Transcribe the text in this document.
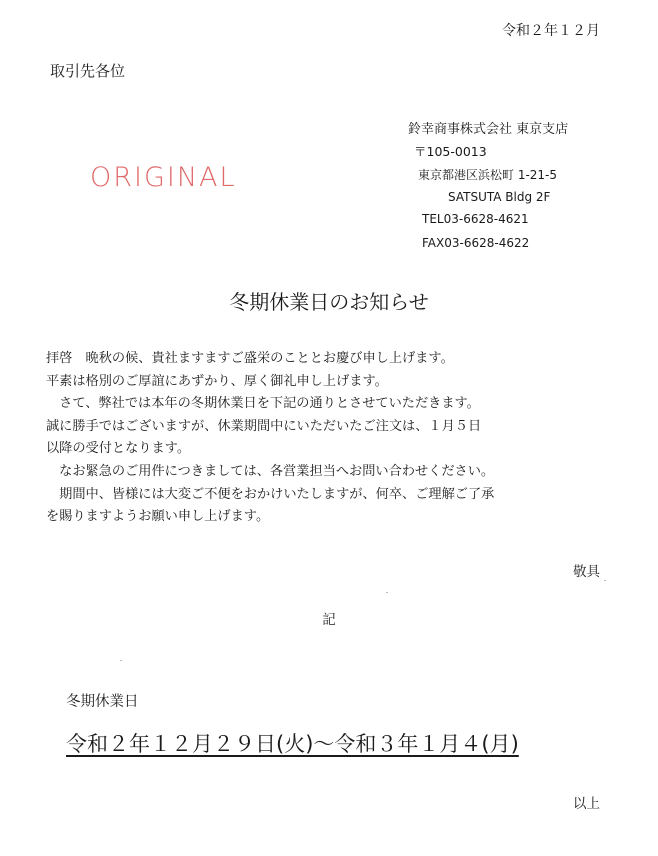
令和２年１２月
取引先各位
鈴幸商事株式会社 東京支店
〒105-0013
東京都港区浜松町 1-21-5
SATSUTA Bldg 2F
TEL03-6628-4621
FAX03-6628-4622
ORIGINAL
冬期休業日のお知らせ
拝啓　晩秋の候、貴社ますますご盛栄のこととお慶び申し上げます。
平素は格別のご厚誼にあずかり、厚く御礼申し上げます。
　さて、弊社では本年の冬期休業日を下記の通りとさせていただきます。
誠に勝手ではございますが、休業期間中にいただいたご注文は、１月５日
以降の受付となります。
　なお緊急のご用件につきましては、各営業担当へお問い合わせください。
　期間中、皆様には大変ご不便をおかけいたしますが、何卒、ご理解ご了承
を賜りますようお願い申し上げます。
敬具
記
冬期休業日
令和２年１２月２９日(火)～令和３年１月４(月)
以上
